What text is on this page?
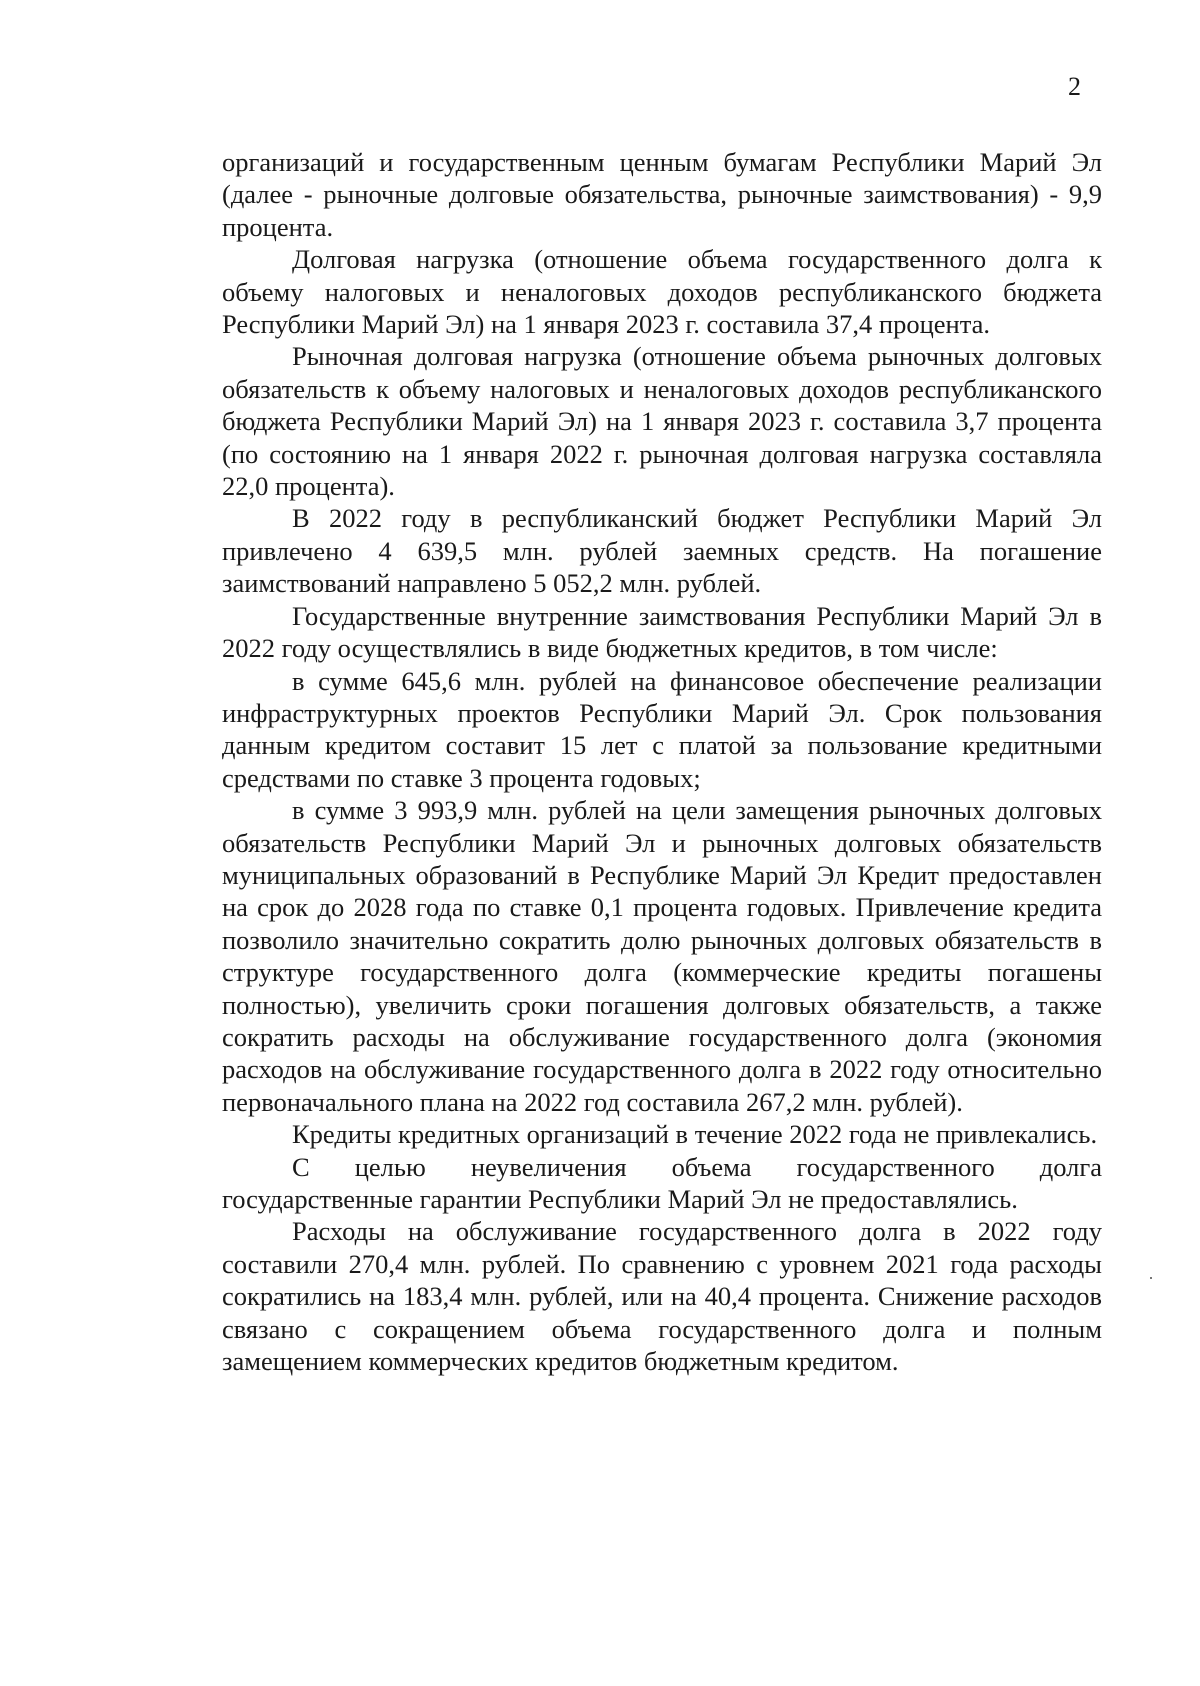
2

организаций и государственным ценным бумагам Республики Марий Эл (далее - рыночные долговые обязательства, рыночные заимствования) - 9,9 процента.

Долговая нагрузка (отношение объема государственного долга к объему налоговых и неналоговых доходов республиканского бюджета Республики Марий Эл) на 1 января 2023 г. составила 37,4 процента.

Рыночная долговая нагрузка (отношение объема рыночных долговых обязательств к объему налоговых и неналоговых доходов республиканского бюджета Республики Марий Эл) на 1 января 2023 г. составила 3,7 процента (по состоянию на 1 января 2022 г. рыночная долговая нагрузка составляла 22,0 процента).

В 2022 году в республиканский бюджет Республики Марий Эл привлечено 4 639,5 млн. рублей заемных средств. На погашение заимствований направлено 5 052,2 млн. рублей.

Государственные внутренние заимствования Республики Марий Эл в 2022 году осуществлялись в виде бюджетных кредитов, в том числе:

в сумме 645,6 млн. рублей на финансовое обеспечение реализации инфраструктурных проектов Республики Марий Эл. Срок пользования данным кредитом составит 15 лет с платой за пользование кредитными средствами по ставке 3 процента годовых;

в сумме 3 993,9 млн. рублей на цели замещения рыночных долговых обязательств Республики Марий Эл и рыночных долговых обязательств муниципальных образований в Республике Марий Эл Кредит предоставлен на срок до 2028 года по ставке 0,1 процента годовых. Привлечение кредита позволило значительно сократить долю рыночных долговых обязательств в структуре государственного долга (коммерческие кредиты погашены полностью), увеличить сроки погашения долговых обязательств, а также сократить расходы на обслуживание государственного долга (экономия расходов на обслуживание государственного долга в 2022 году относительно первоначального плана на 2022 год составила 267,2 млн. рублей).

Кредиты кредитных организаций в течение 2022 года не привлекались.

С целью неувеличения объема государственного долга государственные гарантии Республики Марий Эл не предоставлялись.

Расходы на обслуживание государственного долга в 2022 году составили 270,4 млн. рублей. По сравнению с уровнем 2021 года расходы сократились на 183,4 млн. рублей, или на 40,4 процента. Снижение расходов связано с сокращением объема государственного долга и полным замещением коммерческих кредитов бюджетным кредитом.
